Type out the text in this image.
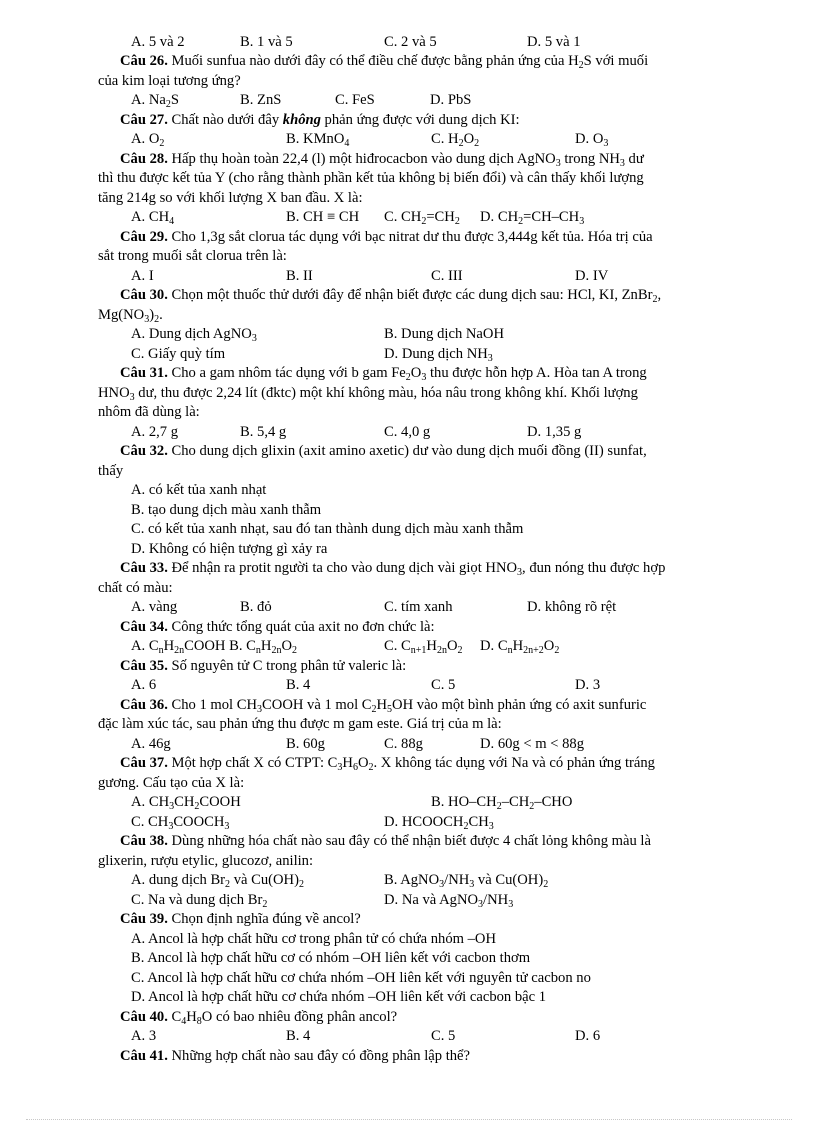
A. 5 và 2	B. 1 và 5	C. 2 và 5	D. 5 và 1
Câu 26. Muối sunfua nào dưới đây có thể điều chế được bằng phản ứng của $H_2S$ với muối
của kim loại tương ứng?
A. $Na_2S$	B. ZnS	C. FeS	D. PbS
Câu 27. Chất nào dưới đây không phản ứng được với dung dịch KI:
A. $O_2$	B. KMnO$_4$	C. $H_2O_2$	D. $O_3$
Câu 28. Hấp thụ hoàn toàn 22,4 (l) một hiđrocacbon vào dung dịch AgNO$_3$ trong $NH_3$ dư
thì thu được kết tủa Y (cho rằng thành phần kết tủa không bị biến đổi) và cân thấy khối lượng
tăng 214g so với khối lượng X ban đầu. X là:
A. $CH_4$	B. CH ≡ CH C. $CH_2=CH_2$ D. $CH_2=CH-CH_3$
Câu 29. Cho 1,3g sắt clorua tác dụng với bạc nitrat dư thu được 3,444g kết tủa. Hóa trị của
sắt trong muối sắt clorua trên là:
A. I	B. II	C. III	D. IV
Câu 30. Chọn một thuốc thử dưới đây để nhận biết được các dung dịch sau: HCl, KI, ZnBr$_2$,
$Mg(NO_3)_2$.
A. Dung dịch AgNO$_3$	B. Dung dịch NaOH
C. Giấy quỳ tím	D. Dung dịch $NH_3$
Câu 31. Cho a gam nhôm tác dụng với b gam $Fe_2O_3$ thu được hỗn hợp A. Hòa tan A trong
$HNO_3$ dư, thu được 2,24 lít (đktc) một khí không màu, hóa nâu trong không khí. Khối lượng
nhôm đã dùng là:
A. 2,7 g	B. 5,4 g	C. 4,0 g	D. 1,35 g
Câu 32. Cho dung dịch glixin (axit amino axetic) dư vào dung dịch muối đồng (II) sunfat,
thấy
A. có kết tủa xanh nhạt
B. tạo dung dịch màu xanh thẫm
C. có kết tủa xanh nhạt, sau đó tan thành dung dịch màu xanh thẫm
D. Không có hiện tượng gì xảy ra
Câu 33. Để nhận ra protit người ta cho vào dung dịch vài giọt $HNO_3$, đun nóng thu được hợp
chất có màu:
A. vàng	B. đỏ	C. tím xanh	D. không rõ rệt
Câu 34. Công thức tổng quát của axit no đơn chức là:
A. $C_nH_{2n}COOH$ B. $C_nH_{2n}O_2$	C. $C_{n+1}H_{2n}O_2$ D. $C_nH_{2n+2}O_2$
Câu 35. Số nguyên tử C trong phân tử valeric là:
A. 6	B. 4	C. 5	D. 3
Câu 36. Cho 1 mol $CH_3COOH$ và 1 mol $C_2H_5OH$ vào một bình phản ứng có axit sunfuric
đặc làm xúc tác, sau phản ứng thu được m gam este. Giá trị của m là:
A. 46g	B. 60g	C. 88g	D. 60g < m < 88g
Câu 37. Một hợp chất X có CTPT: $C_3H_6O_2$. X không tác dụng với Na và có phản ứng tráng
gương. Cấu tạo của X là:
A. $CH_3CH_2COOH$	B. $HO-CH_2-CH_2$–CHO
C. $CH_3COOCH_3$	D. $HCOOCH_2CH_3$
Câu 38. Dùng những hóa chất nào sau đây có thể nhận biết được 4 chất lỏng không màu là
glixerin, rượu etylic, glucozơ, anilin:
A. dung dịch $Br_2$ và $Cu(OH)_2$	B. $AgNO_3/NH_3$ và $Cu(OH)_2$
C. Na và dung dịch $Br_2$	D. Na và $AgNO_3/NH_3$
Câu 39. Chọn định nghĩa đúng về ancol?
A. Ancol là hợp chất hữu cơ trong phân tử có chứa nhóm –OH
B. Ancol là hợp chất hữu cơ có nhóm –OH liên kết với cacbon thơm
C. Ancol là hợp chất hữu cơ chứa nhóm –OH liên kết với nguyên tử cacbon no
D. Ancol là hợp chất hữu cơ chứa nhóm –OH liên kết với cacbon bậc 1
Câu 40. $C_4H_8O$ có bao nhiêu đồng phân ancol?
A. 3	B. 4	C. 5	D. 6
Câu 41. Những hợp chất nào sau đây có đồng phân lập thể?
